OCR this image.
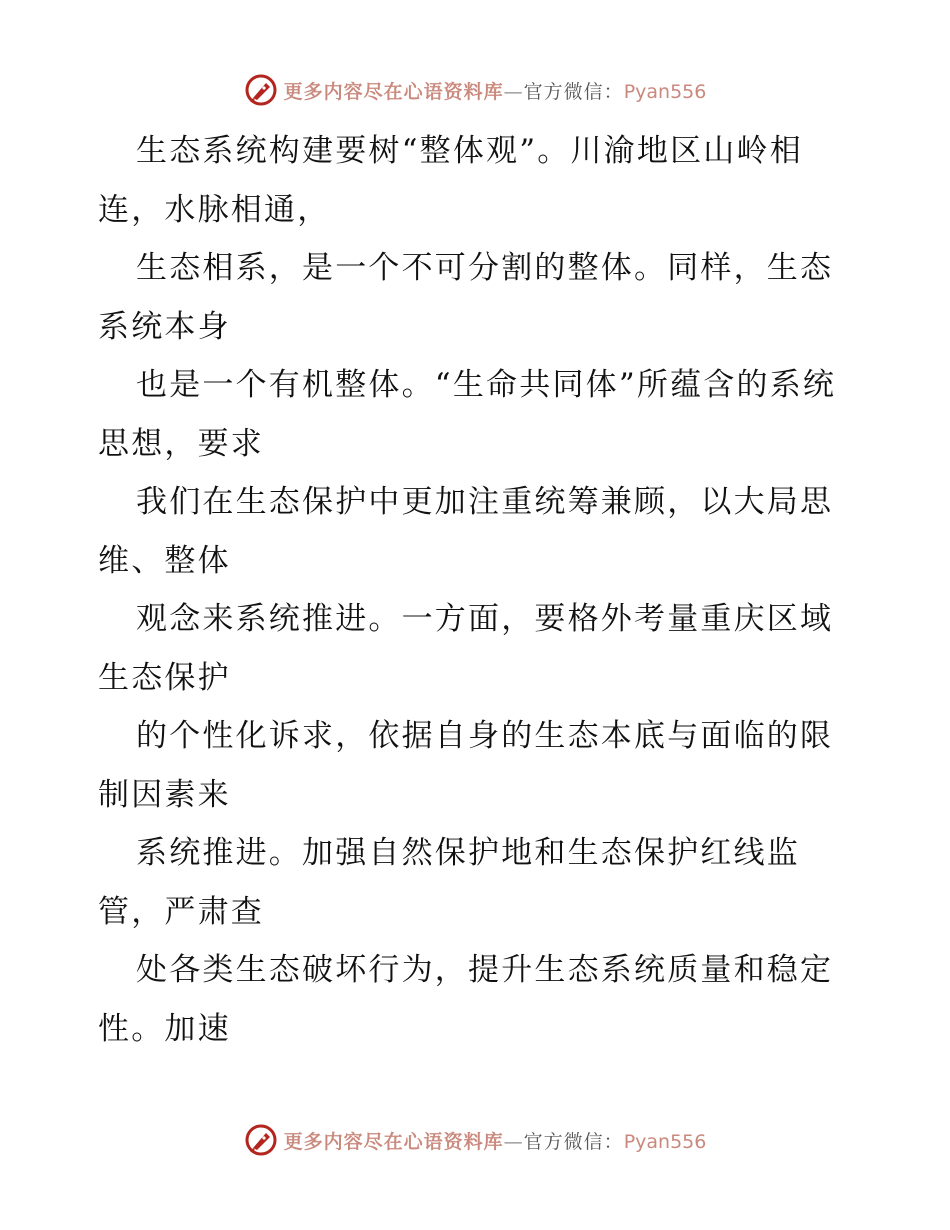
更多内容尽在心语资料库—官方微信：Pyan556

生态系统构建要树“整体观”。川渝地区山岭相连，水脉相通，

生态相系，是一个不可分割的整体。同样，生态系统本身

也是一个有机整体。“生命共同体”所蕴含的系统思想，要求

我们在生态保护中更加注重统筹兼顾，以大局思维、整体

观念来系统推进。一方面，要格外考量重庆区域生态保护

的个性化诉求，依据自身的生态本底与面临的限制因素来

系统推进。加强自然保护地和生态保护红线监管，严肃查

处各类生态破坏行为，提升生态系统质量和稳定性。加速

更多内容尽在心语资料库—官方微信：Pyan556
